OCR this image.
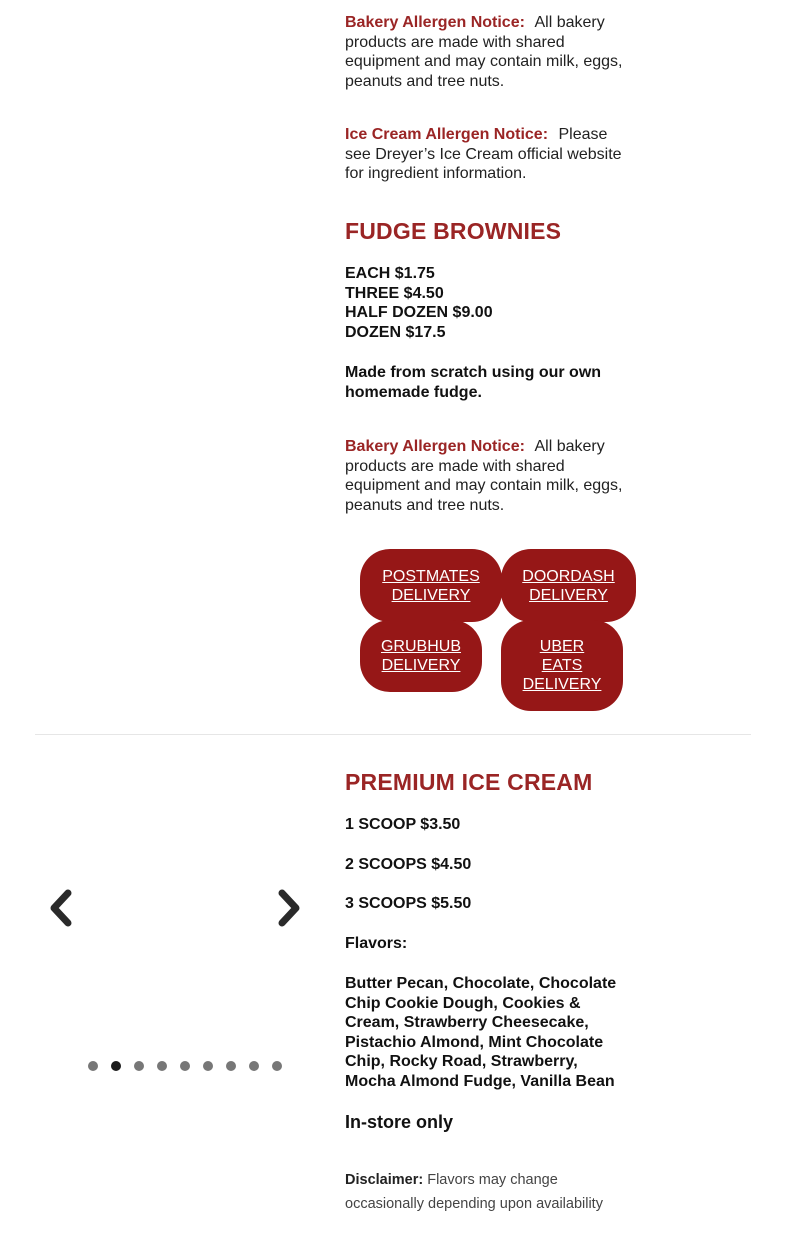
Bakery Allergen Notice: All bakery products are made with shared equipment and may contain milk, eggs, peanuts and tree nuts.
Ice Cream Allergen Notice: Please see Dreyer’s Ice Cream official website for ingredient information.
FUDGE BROWNIES
EACH $1.75
THREE $4.50
HALF DOZEN $9.00
DOZEN $17.5
Made from scratch using our own homemade fudge.
Bakery Allergen Notice: All bakery products are made with shared equipment and may contain milk, eggs, peanuts and tree nuts.
POSTMATES
DELIVERY
DOORDASH
DELIVERY
GRUBHUB
DELIVERY
UBER
EATS
DELIVERY
PREMIUM ICE CREAM
1 SCOOP $3.50
2 SCOOPS $4.50
3 SCOOPS $5.50
Flavors:
Butter Pecan, Chocolate, Chocolate Chip Cookie Dough, Cookies & Cream, Strawberry Cheesecake, Pistachio Almond, Mint Chocolate Chip, Rocky Road, Strawberry, Mocha Almond Fudge, Vanilla Bean
In-store only
Disclaimer: Flavors may change occasionally depending upon availability
